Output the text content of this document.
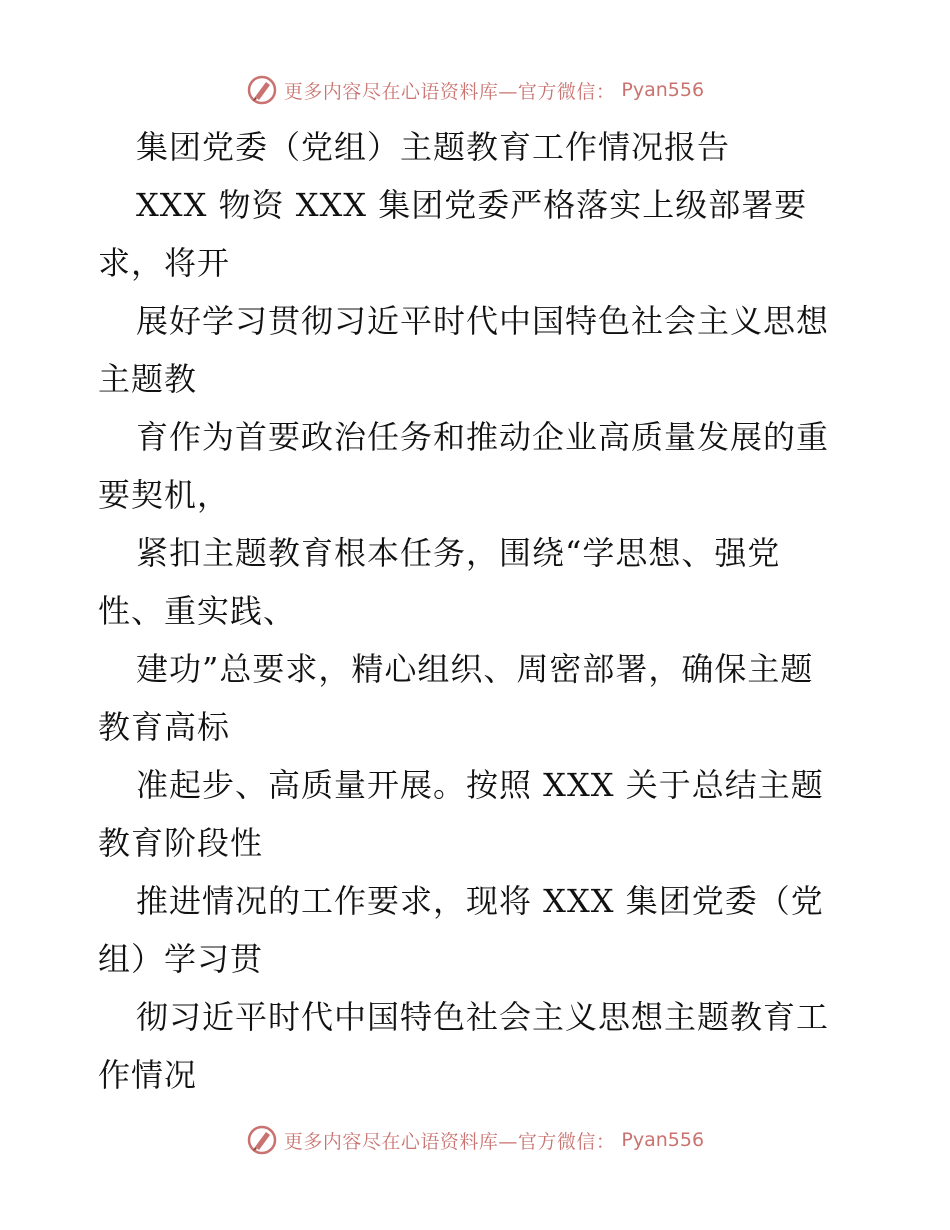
更多内容尽在心语资料库—官方微信： Pyan556
集团党委（党组）主题教育工作情况报告
XXX 物资 XXX 集团党委严格落实上级部署要
求，将开
展好学习贯彻习近平时代中国特色社会主义思想
主题教
育作为首要政治任务和推动企业高质量发展的重
要契机，
紧扣主题教育根本任务，围绕“学思想、强党
性、重实践、
建功”总要求，精心组织、周密部署，确保主题
教育高标
准起步、高质量开展。按照 XXX 关于总结主题
教育阶段性
推进情况的工作要求，现将 XXX 集团党委（党
组）学习贯
彻习近平时代中国特色社会主义思想主题教育工
作情况
更多内容尽在心语资料库—官方微信： Pyan556
